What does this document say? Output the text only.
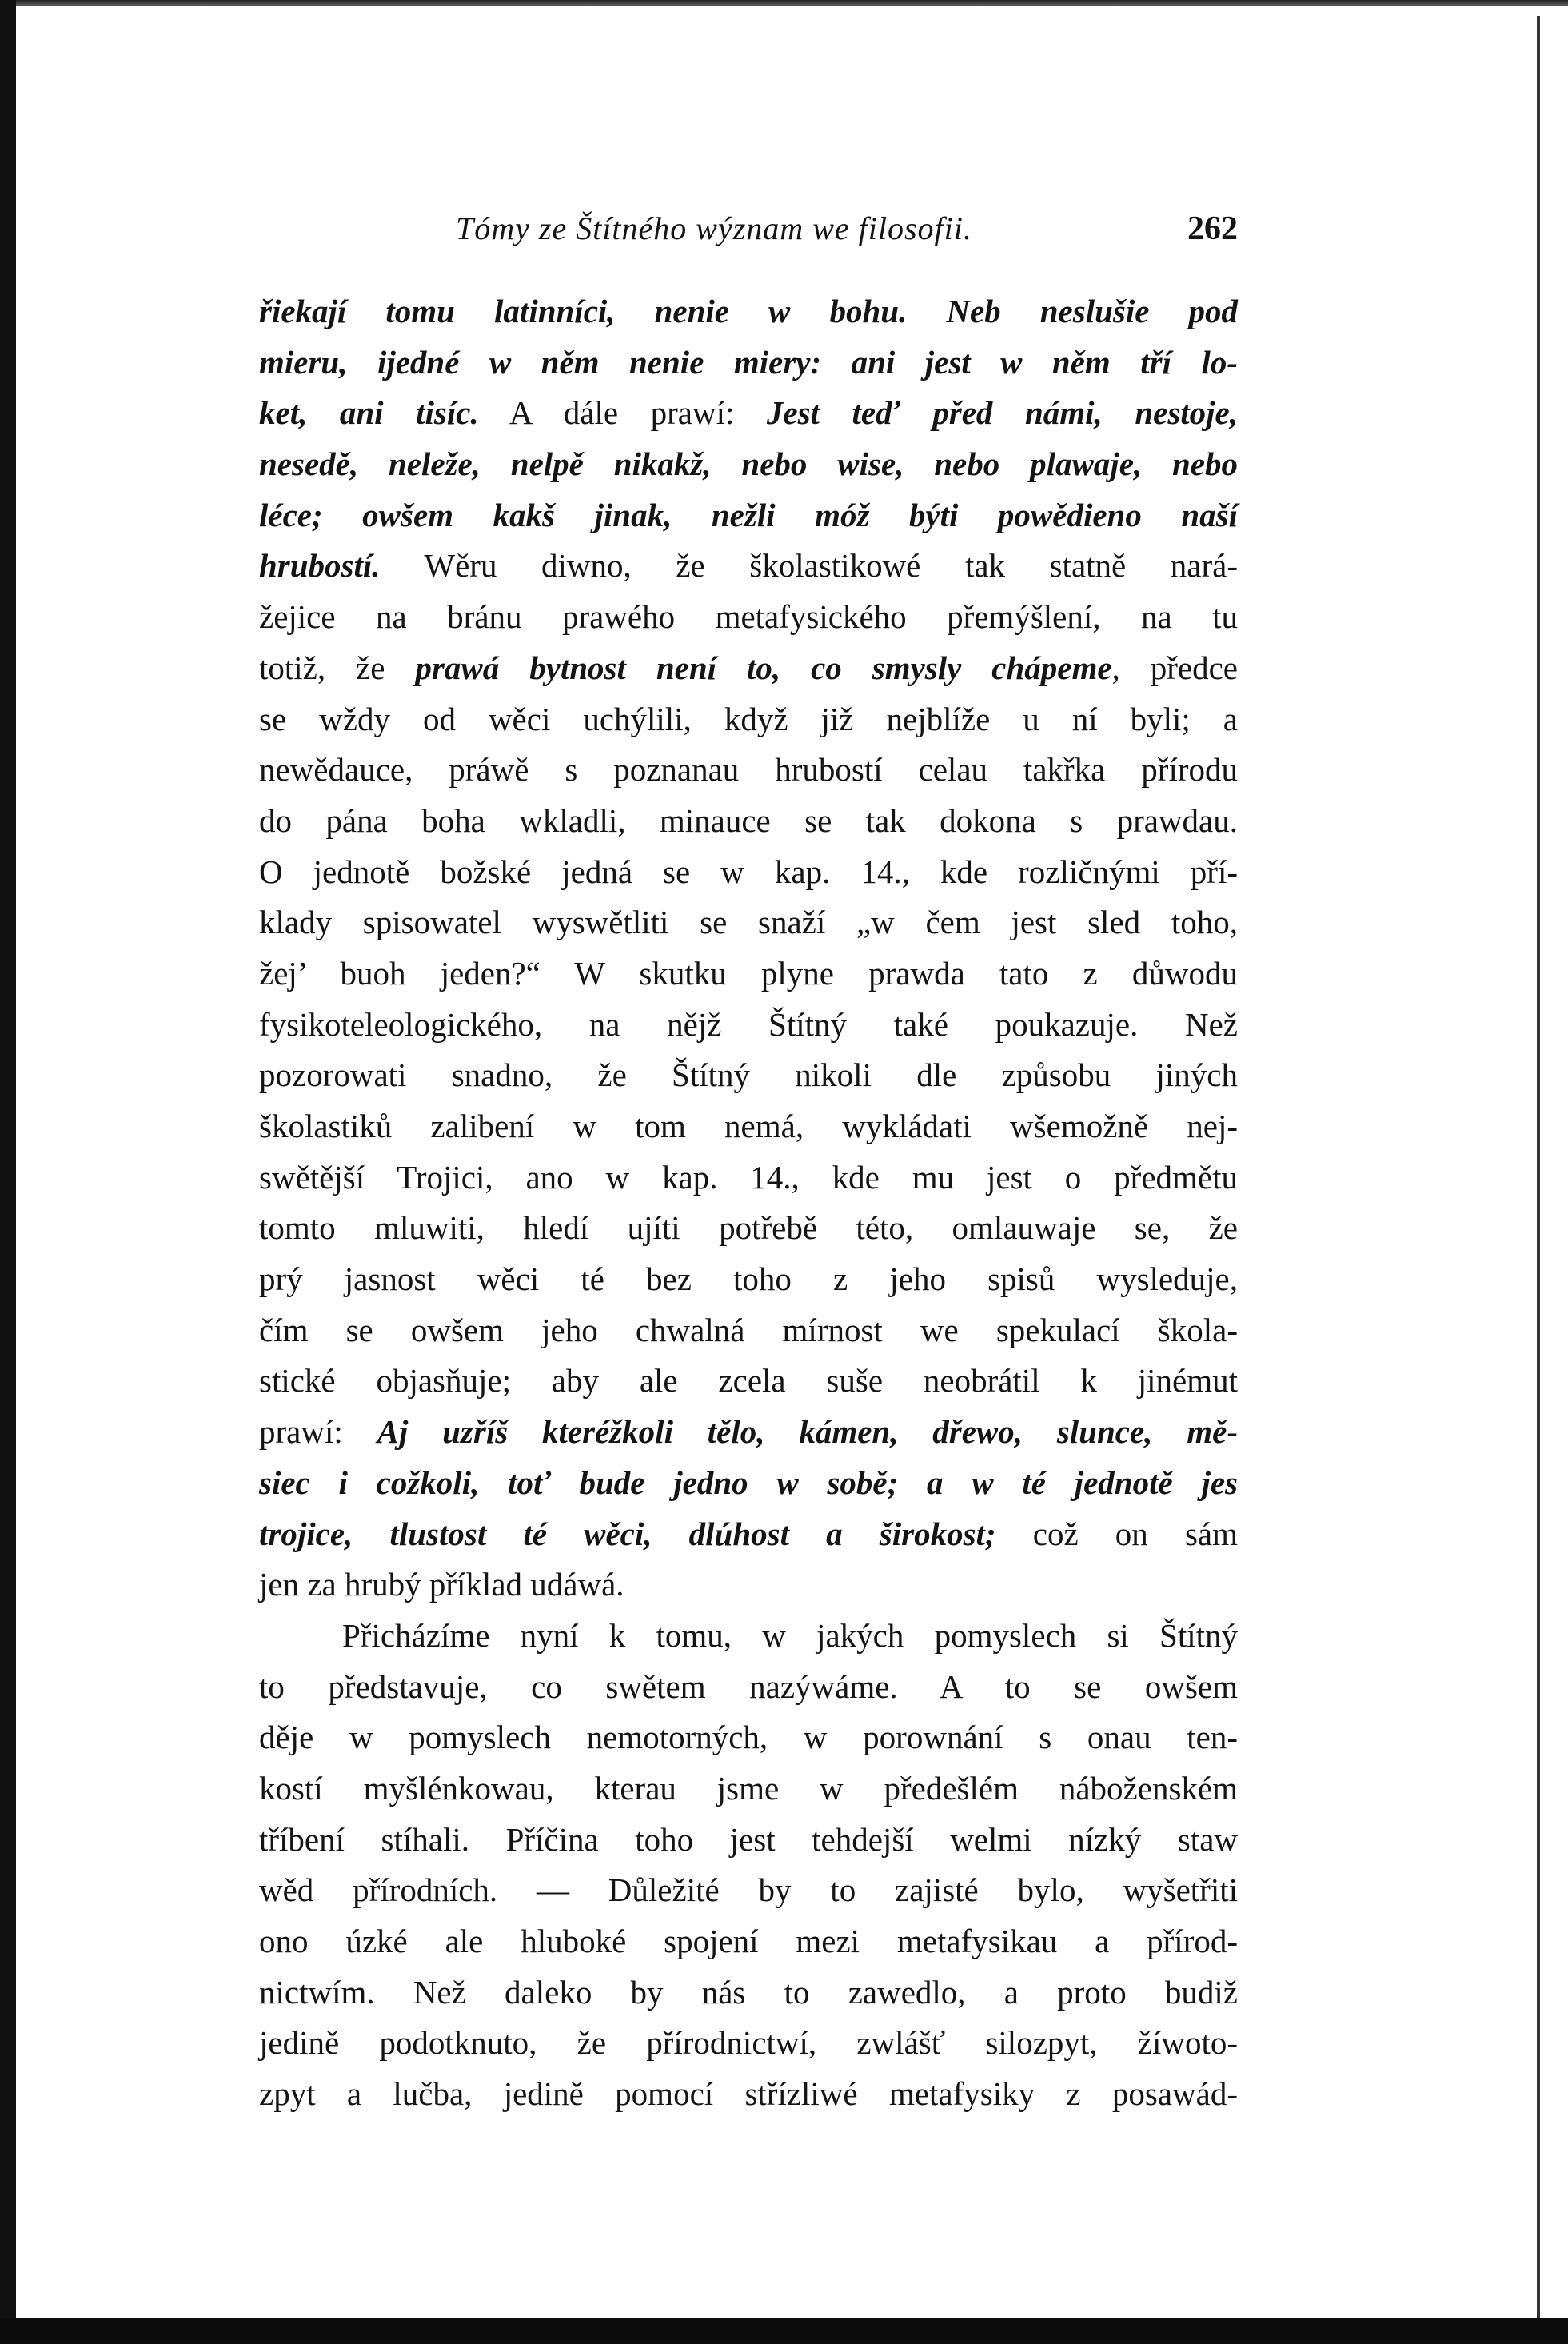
Tómy ze Štítného wýznam we filosofii.	262
řiekají tomu latinníci, nenie w bohu. Neb neslušie pod
mieru, ijedné w něm nenie miery: ani jest w něm tří lo-
ket, ani tisíc. A dále prawí: Jest teď před námi, nestoje,
nesedě, neleže, nelpě nikakž, nebo wise, nebo plawaje, nebo
léce; owšem kakš jinak, nežli móž býti powědieno naší
hrubostí. Wěru diwno, že školastikowé tak statně nará-
žejice na bránu prawého metafysického přemýšlení, na tu
totiž, že prawá bytnost není to, co smysly chápeme, předce
se wždy od wěci uchýlili, když již nejblíže u ní byli; a
newědauce, práwě s poznanau hrubostí celau takřka přírodu
do pána boha wkladli, minauce se tak dokona s prawdau.
O jednotě božské jedná se w kap. 14., kde rozličnými pří-
klady spisowatel wyswětliti se snaží „w čem jest sled toho,
žej’ buoh jeden?“ W skutku plyne prawda tato z důwodu
fysikoteleologického, na nějž Štítný také poukazuje. Než
pozorowati snadno, že Štítný nikoli dle způsobu jiných
školastiků zalibení w tom nemá, wykládati wšemožně nej-
swětější Trojici, ano w kap. 14., kde mu jest o předmětu
tomto mluwiti, hledí ujíti potřebě této, omlauwaje se, že
prý jasnost wěci té bez toho z jeho spisů wysleduje,
čím se owšem jeho chwalná mírnost we spekulací škola-
stické objasňuje; aby ale zcela suše neobrátil k jinémut
prawí: Aj uzříš kteréžkoli tělo, kámen, dřewo, slunce, mě-
siec i cožkoli, toť bude jedno w sobě; a w té jednotě jes
trojice, tlustost té wěci, dlúhost a širokost; což on sám
jen za hrubý příklad udáwá.
Přicházíme nyní k tomu, w jakých pomyslech si Štítný
to představuje, co swětem nazýwáme. A to se owšem
děje w pomyslech nemotorných, w porownání s onau ten-
kostí myšlénkowau, kterau jsme w předešlém náboženském
tříbení stíhali. Příčina toho jest tehdejší welmi nízký staw
wěd přírodních. — Důležité by to zajisté bylo, wyšetřiti
ono úzké ale hluboké spojení mezi metafysikau a přírod-
nictwím. Než daleko by nás to zawedlo, a proto budiž
jedině podotknuto, že přírodnictwí, zwlášť silozpyt, žíwoto-
zpyt a lučba, jedině pomocí střízliwé metafysiky z posawád-
